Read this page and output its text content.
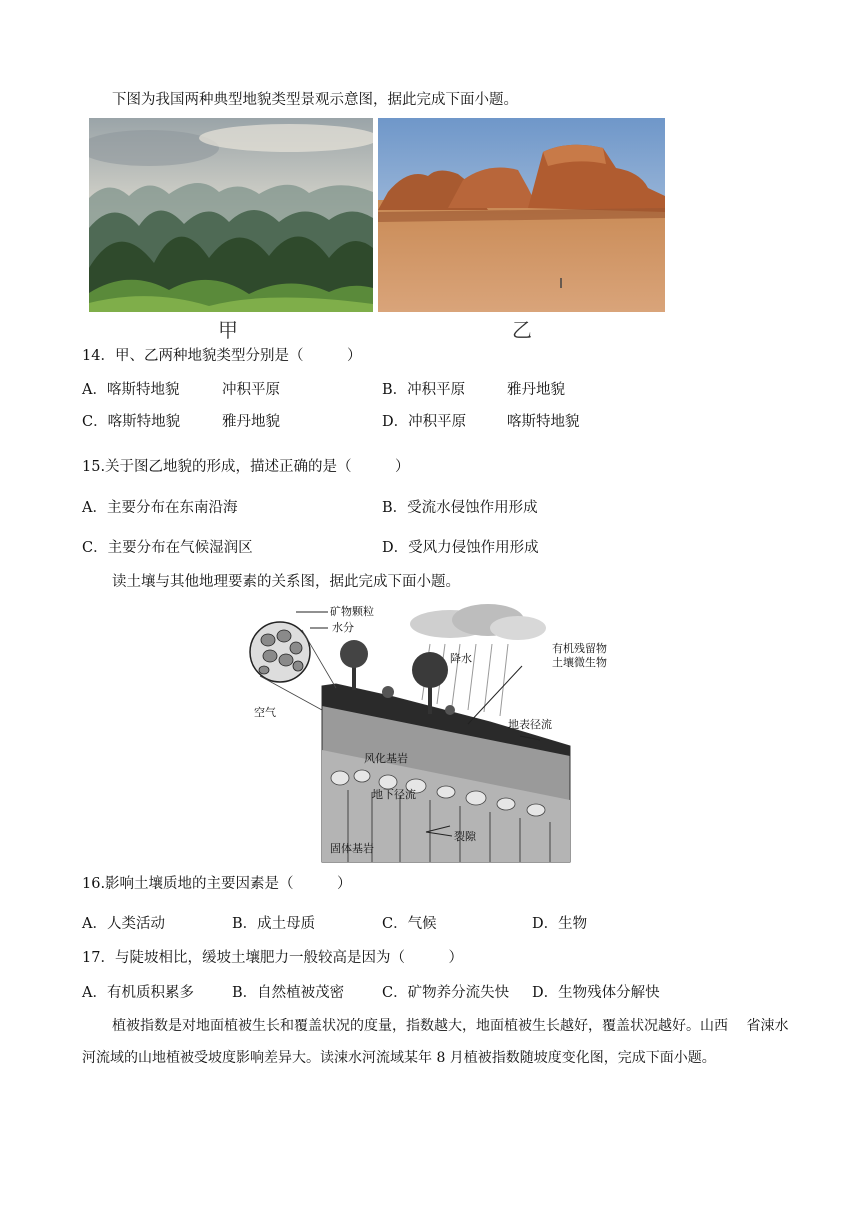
下图为我国两种典型地貌类型景观示意图，据此完成下面小题。
甲	乙
14．甲、乙两种地貌类型分别是（　　　）
A．喀斯特地貌	冲积平原	B．冲积平原	雅丹地貌
C．喀斯特地貌	雅丹地貌	D．冲积平原	喀斯特地貌
15.关于图乙地貌的形成，描述正确的是（　　　）
A．主要分布在东南沿海	B．受流水侵蚀作用形成
C．主要分布在气候湿润区	D．受风力侵蚀作用形成
读土壤与其他地理要素的关系图，据此完成下面小题。
矿物颗粒
水分
空气
降水
有机残留物
土壤微生物
地表径流
风化基岩
地下径流
裂隙
固体基岩
16.影响土壤质地的主要因素是（　　　）
A．人类活动	B．成土母质	C．气候	D．生物
17．与陡坡相比，缓坡土壤肥力一般较高是因为（　　　）
A．有机质积累多	B．自然植被茂密	C．矿物养分流失快 D．生物残体分解快
植被指数是对地面植被生长和覆盖状况的度量，指数越大，地面植被生长越好，覆盖状况越好。山西　 省涑水
河流域的山地植被受坡度影响差异大。读涑水河流域某年 8 月植被指数随坡度变化图，完成下面小题。
